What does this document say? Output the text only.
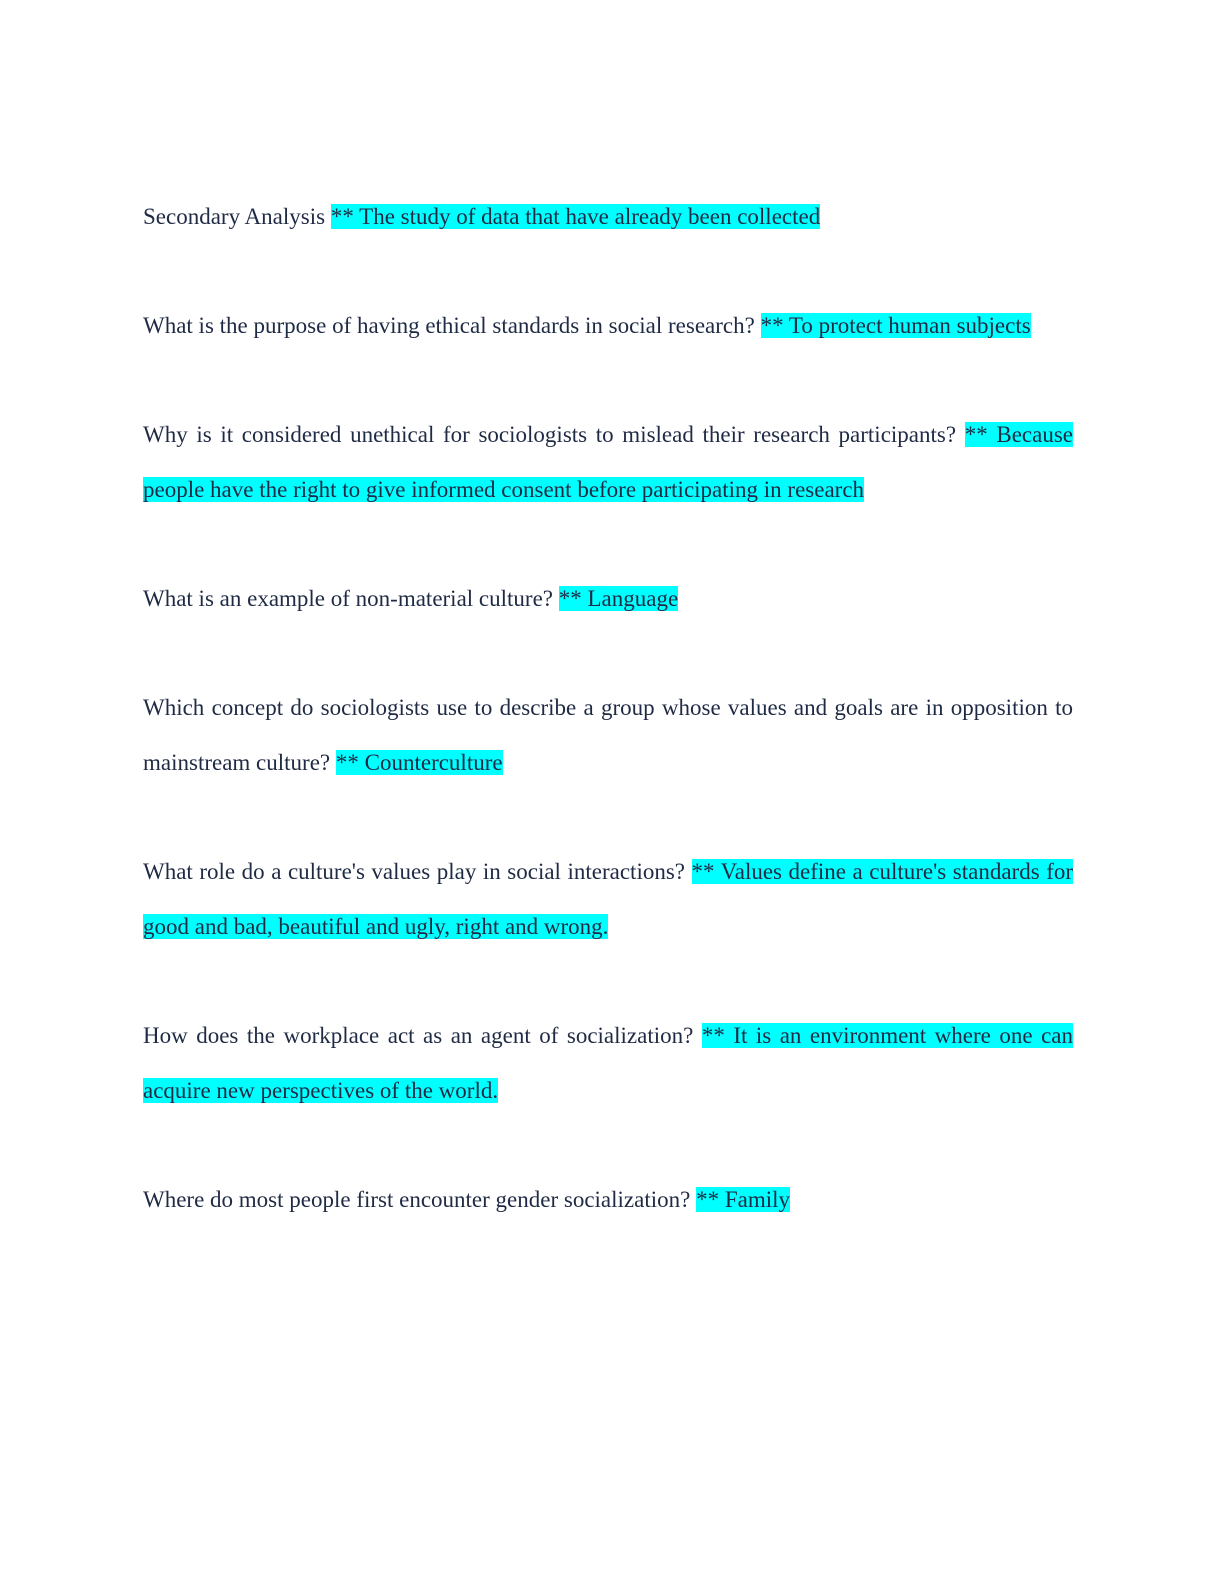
Secondary Analysis ** The study of data that have already been collected

What is the purpose of having ethical standards in social research? ** To protect human subjects

Why is it considered unethical for sociologists to mislead their research participants? ** Because people have the right to give informed consent before participating in research

What is an example of non-material culture? ** Language

Which concept do sociologists use to describe a group whose values and goals are in opposition to mainstream culture? ** Counterculture

What role do a culture's values play in social interactions? ** Values define a culture's standards for good and bad, beautiful and ugly, right and wrong.

How does the workplace act as an agent of socialization? ** It is an environment where one can acquire new perspectives of the world.

Where do most people first encounter gender socialization? ** Family
